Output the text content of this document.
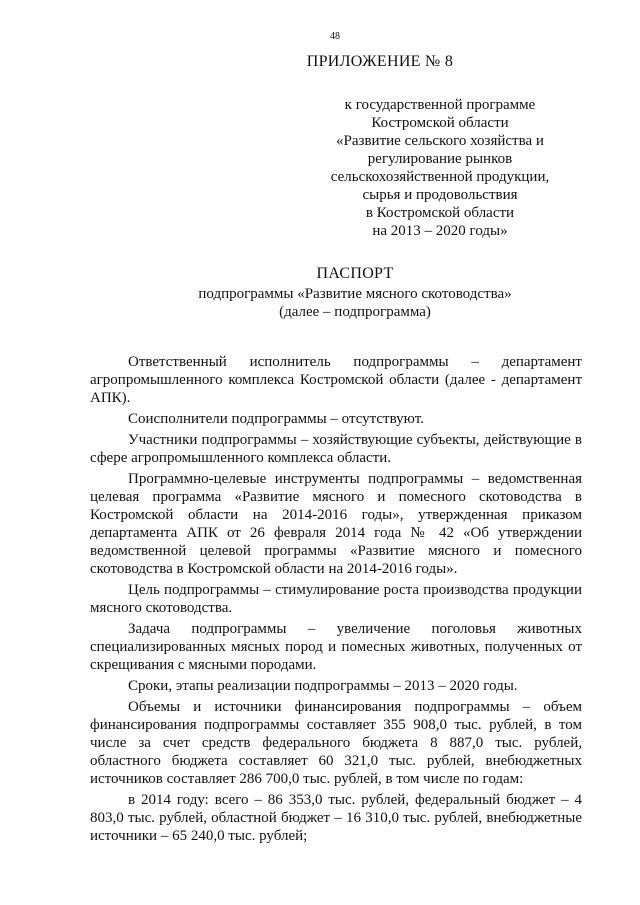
48
ПРИЛОЖЕНИЕ № 8
к государственной программе
Костромской области
«Развитие сельского хозяйства и
регулирование рынков
сельскохозяйственной продукции,
сырья и продовольствия
в Костромской области
на 2013 – 2020 годы»
ПАСПОРТ
подпрограммы «Развитие мясного скотоводства»
(далее – подпрограмма)

Ответственный исполнитель подпрограммы – департамент агропромышленного комплекса Костромской области (далее - департамент АПК).

Соисполнители подпрограммы – отсутствуют.

Участники подпрограммы – хозяйствующие субъекты, действующие в сфере агропромышленного комплекса области.

Программно-целевые инструменты подпрограммы – ведомственная целевая программа «Развитие мясного и помесного скотоводства в Костромской области на 2014-2016 годы», утвержденная приказом департамента АПК от 26 февраля 2014 года № 42 «Об утверждении ведомственной целевой программы «Развитие мясного и помесного скотоводства в Костромской области на 2014-2016 годы».

Цель подпрограммы – стимулирование роста производства продукции мясного скотоводства.

Задача подпрограммы – увеличение поголовья животных специализированных мясных пород и помесных животных, полученных от скрещивания с мясными породами.

Сроки, этапы реализации подпрограммы – 2013 – 2020 годы.

Объемы и источники финансирования подпрограммы – объем финансирования подпрограммы составляет 355 908,0 тыс. рублей, в том числе за счет средств федерального бюджета 8 887,0 тыс. рублей, областного бюджета составляет 60 321,0 тыс. рублей, внебюджетных источников составляет 286 700,0 тыс. рублей, в том числе по годам:

в 2014 году: всего – 86 353,0 тыс. рублей, федеральный бюджет – 4 803,0 тыс. рублей, областной бюджет – 16 310,0 тыс. рублей, внебюджетные источники – 65 240,0 тыс. рублей;
